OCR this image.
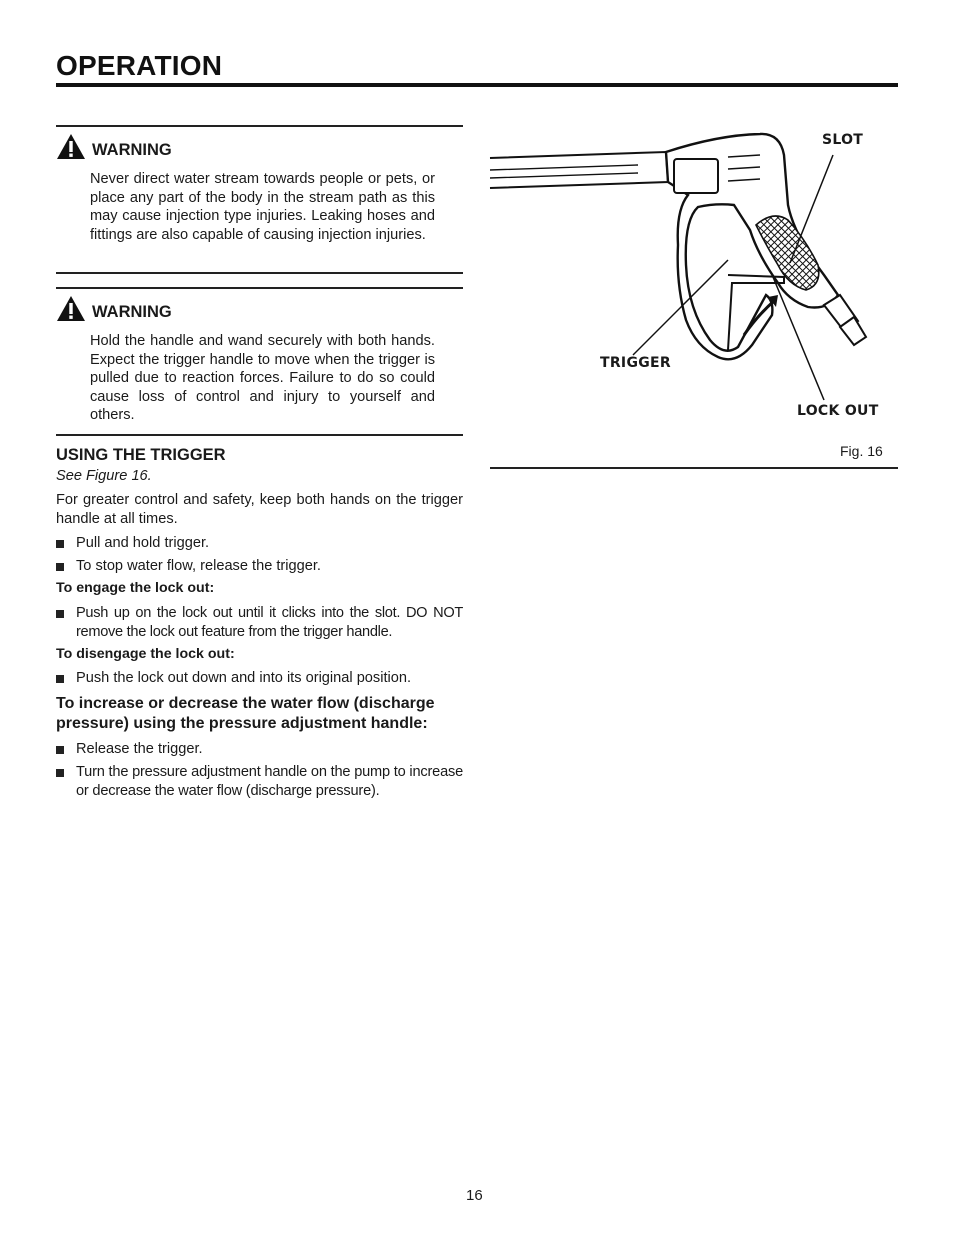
OPERATION
WARNING
Never direct water stream towards people or pets, or place any part of the body in the stream path as this may cause injection type injuries. Leaking hoses and fittings are also capable of causing injection injuries.
WARNING
Hold the handle and wand securely with both hands. Expect the trigger handle to move when the trigger is pulled due to reaction forces. Failure to do so could cause loss of control and injury to yourself and others.
USING THE TRIGGER
See Figure 16.
For greater control and safety, keep both hands on the trigger handle at all times.
Pull and hold trigger.
To stop water flow, release the trigger.
To engage the lock out:
Push up on the lock out until it clicks into the slot. DO NOT remove the lock out feature from the trigger handle.
To disengage the lock out:
Push the lock out down and into its original position.
To increase or decrease the water flow (discharge pressure) using the pressure adjustment handle:
Release the trigger.
Turn the pressure adjustment handle on the pump to increase or decrease the water flow (discharge pressure).
SLOT
TRIGGER
LOCK OUT
Fig. 16
16
